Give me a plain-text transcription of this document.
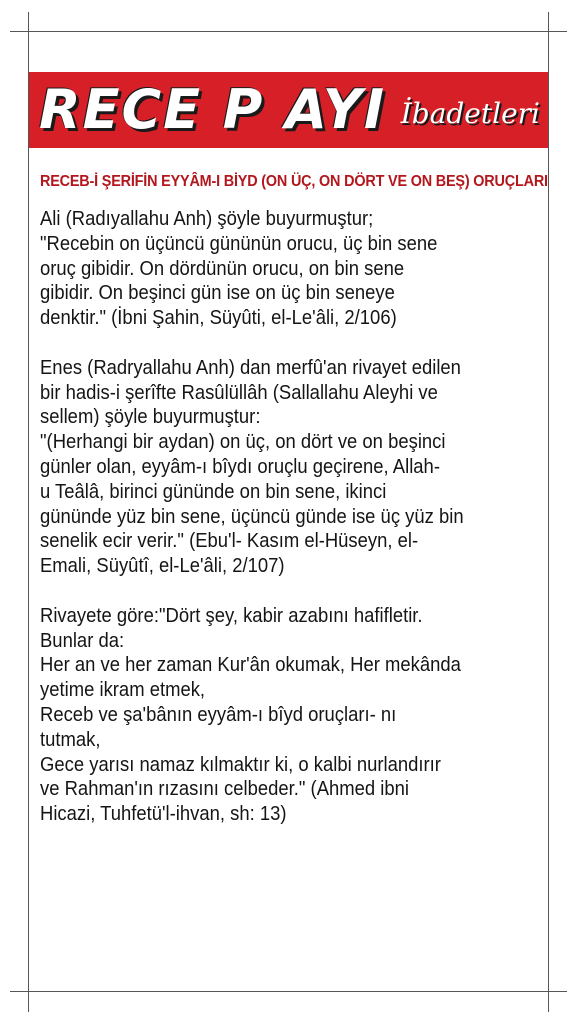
RECE P AYI İbadetleri
RECEB-İ ŞERİFİN EYYÂM-I BİYD (ON ÜÇ, ON DÖRT VE ON BEŞ) ORUÇLARI
Ali (Radıyallahu Anh) şöyle buyurmuştur;
"Recebin on üçüncü gününün orucu, üç bin sene
oruç gibidir. On dördünün orucu, on bin sene
gibidir. On beşinci gün ise on üç bin seneye
denktir." (İbni Şahin, Süyûti, el-Le'âli, 2/106)
Enes (Radryallahu Anh) dan merfû'an rivayet edilen
bir hadis-i şerîfte Rasûlüllâh (Sallallahu Aleyhi ve
sellem) şöyle buyurmuştur:
"(Herhangi bir aydan) on üç, on dört ve on beşinci
günler olan, eyyâm-ı bîydı oruçlu geçirene, Allah-
u Teâlâ, birinci gününde on bin sene, ikinci
gününde yüz bin sene, üçüncü günde ise üç yüz bin
senelik ecir verir." (Ebu'l- Kasım el-Hüseyn, el-
Emali, Süyûtî, el-Le'âli, 2/107)
Rivayete göre:"Dört şey, kabir azabını hafifletir.
Bunlar da:
Her an ve her zaman Kur'ân okumak, Her mekânda
yetime ikram etmek,
Receb ve şa'bânın eyyâm-ı bîyd oruçları- nı
tutmak,
Gece yarısı namaz kılmaktır ki, o kalbi nurlandırır
ve Rahman'ın rızasını celbeder." (Ahmed ibni
Hicazi, Tuhfetü'l-ihvan, sh: 13)
